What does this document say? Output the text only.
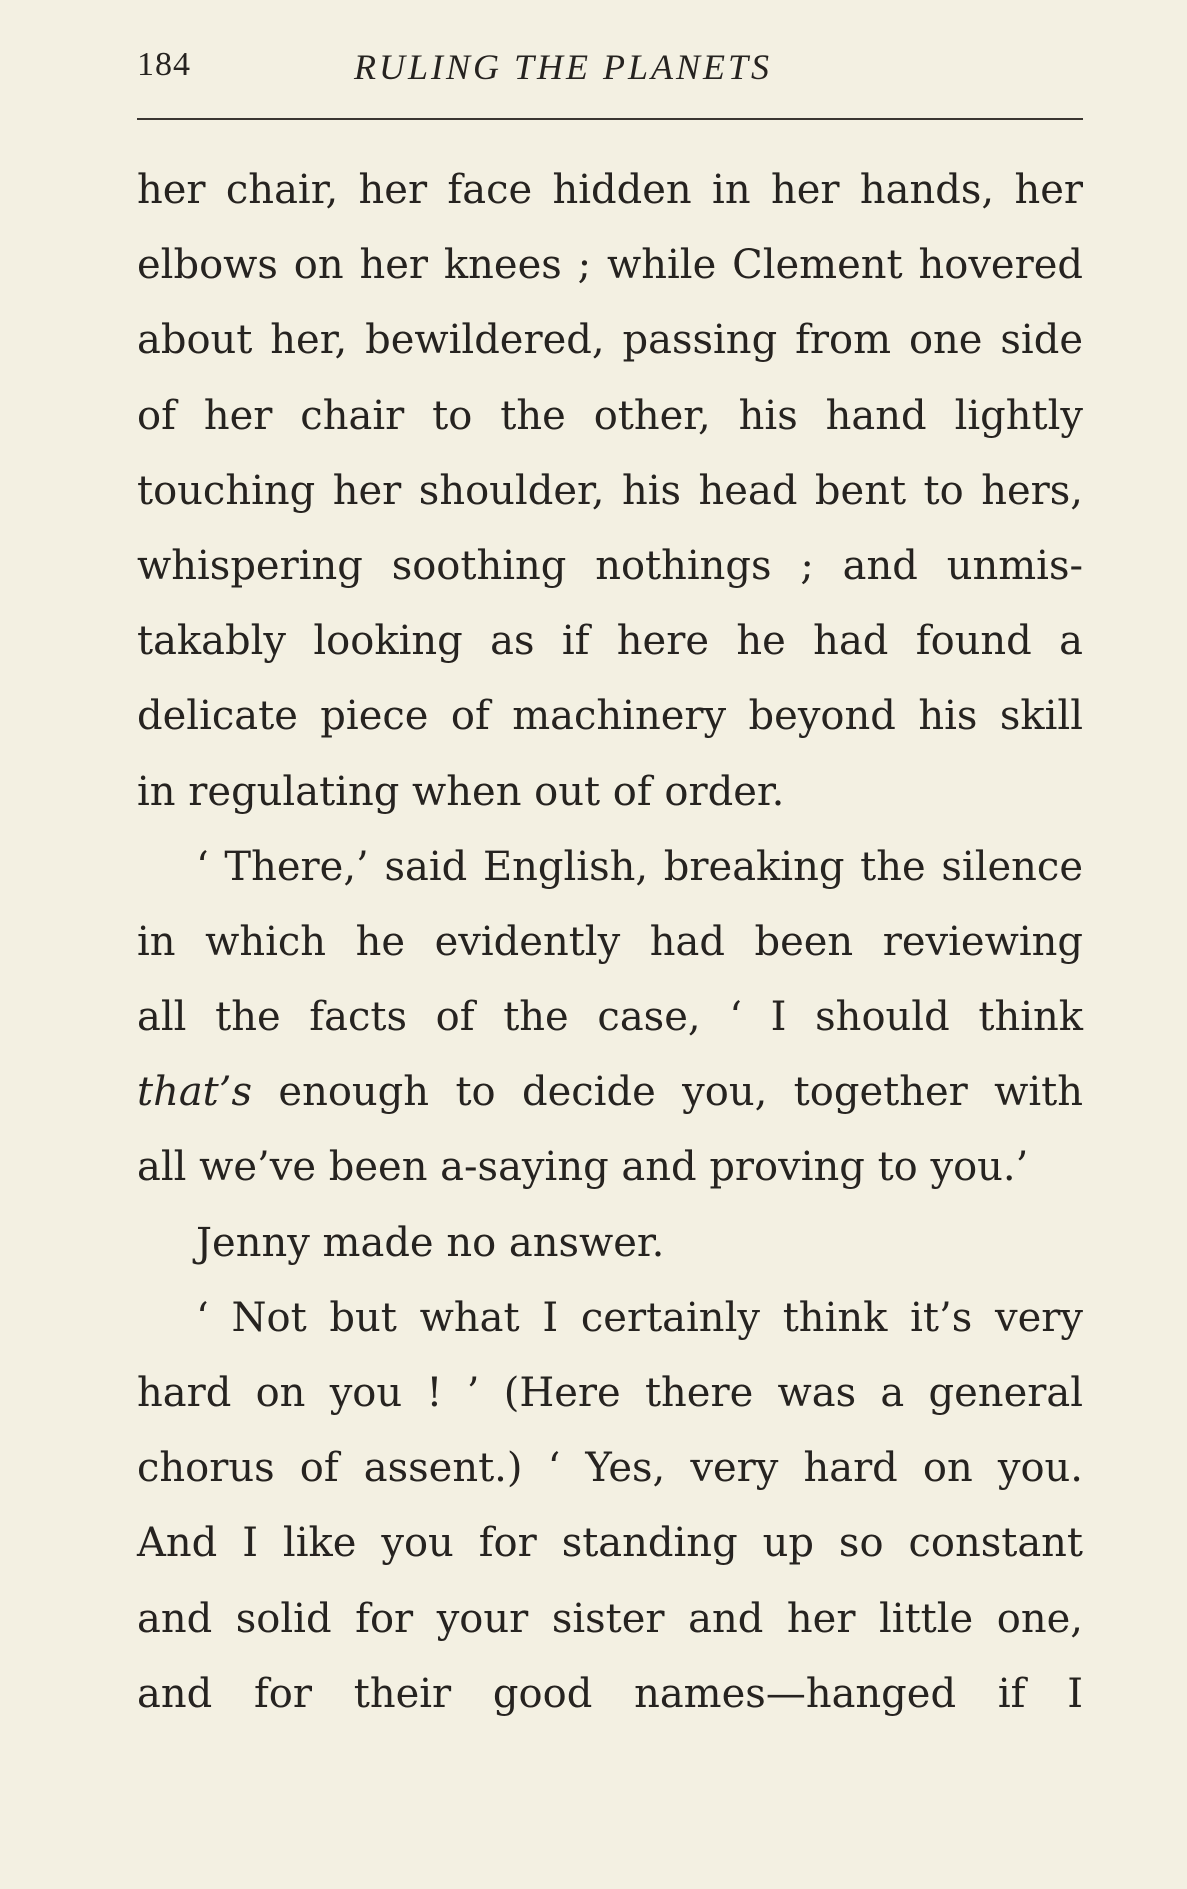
184	RULING THE PLANETS
her chair, her face hidden in her hands, her
elbows on her knees ; while Clement hovered
about her, bewildered, passing from one side
of her chair to the other, his hand lightly
touching her shoulder, his head bent to hers,
whispering soothing nothings ; and unmis-
takably looking as if here he had found a
delicate piece of machinery beyond his skill
in regulating when out of order.
‘ There,’ said English, breaking the silence
in which he evidently had been reviewing
all the facts of the case, ‘ I should think
that’s enough to decide you, together with
all we’ve been a-saying and proving to you.’
Jenny made no answer.
‘ Not but what I certainly think it’s very
hard on you ! ’ (Here there was a general
chorus of assent.) ‘ Yes, very hard on you.
And I like you for standing up so constant
and solid for your sister and her little one,
and for their good names—hanged if I
